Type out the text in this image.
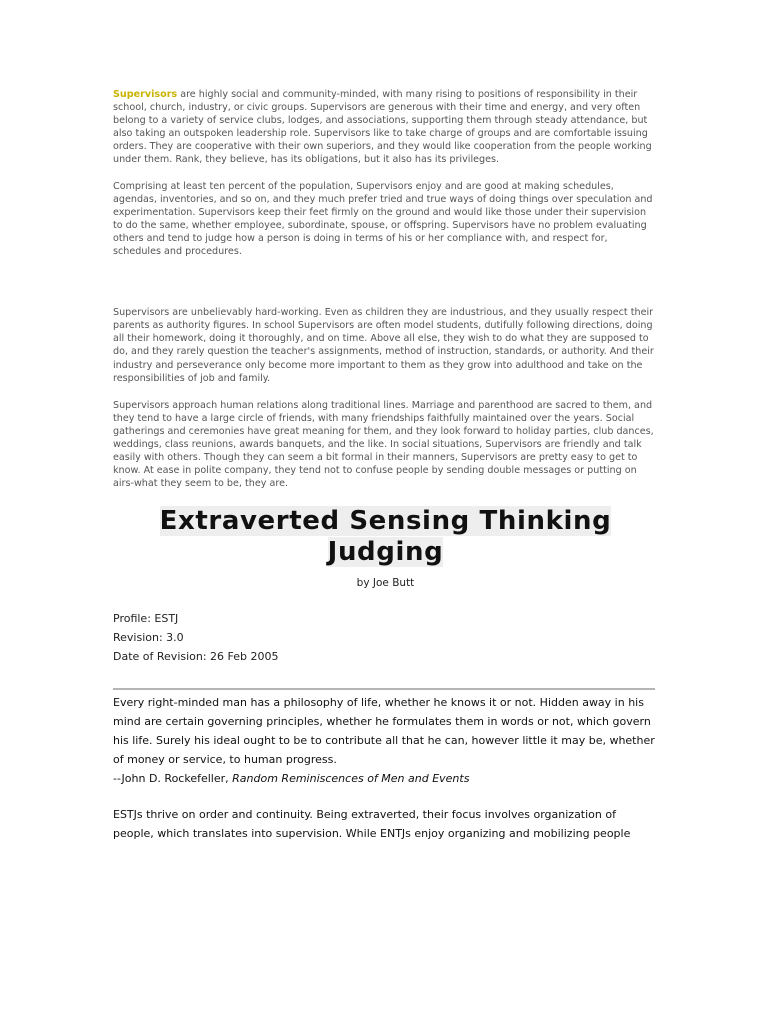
Supervisors are highly social and community-minded, with many rising to positions of responsibility in their school, church, industry, or civic groups. Supervisors are generous with their time and energy, and very often belong to a variety of service clubs, lodges, and associations, supporting them through steady attendance, but also taking an outspoken leadership role. Supervisors like to take charge of groups and are comfortable issuing orders. They are cooperative with their own superiors, and they would like cooperation from the people working under them. Rank, they believe, has its obligations, but it also has its privileges.

Comprising at least ten percent of the population, Supervisors enjoy and are good at making schedules, agendas, inventories, and so on, and they much prefer tried and true ways of doing things over speculation and experimentation. Supervisors keep their feet firmly on the ground and would like those under their supervision to do the same, whether employee, subordinate, spouse, or offspring. Supervisors have no problem evaluating others and tend to judge how a person is doing in terms of his or her compliance with, and respect for, schedules and procedures.

Supervisors are unbelievably hard-working. Even as children they are industrious, and they usually respect their parents as authority figures. In school Supervisors are often model students, dutifully following directions, doing all their homework, doing it thoroughly, and on time. Above all else, they wish to do what they are supposed to do, and they rarely question the teacher's assignments, method of instruction, standards, or authority. And their industry and perseverance only become more important to them as they grow into adulthood and take on the responsibilities of job and family.

Supervisors approach human relations along traditional lines. Marriage and parenthood are sacred to them, and they tend to have a large circle of friends, with many friendships faithfully maintained over the years. Social gatherings and ceremonies have great meaning for them, and they look forward to holiday parties, club dances, weddings, class reunions, awards banquets, and the like. In social situations, Supervisors are friendly and talk easily with others. Though they can seem a bit formal in their manners, Supervisors are pretty easy to get to know. At ease in polite company, they tend not to confuse people by sending double messages or putting on airs-what they seem to be, they are.

Extraverted Sensing Thinking
Judging
by Joe Butt
Profile: ESTJ
Revision: 3.0
Date of Revision: 26 Feb 2005
Every right-minded man has a philosophy of life, whether he knows it or not. Hidden away in his mind are certain governing principles, whether he formulates them in words or not, which govern his life. Surely his ideal ought to be to contribute all that he can, however little it may be, whether of money or service, to human progress.
--John D. Rockefeller, Random Reminiscences of Men and Events
ESTJs thrive on order and continuity. Being extraverted, their focus involves organization of people, which translates into supervision. While ENTJs enjoy organizing and mobilizing people
